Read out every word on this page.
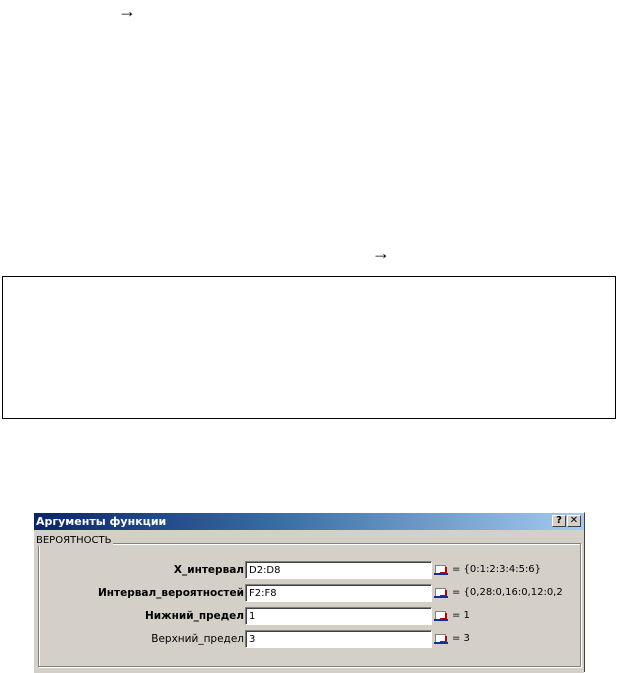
→
→
Аргументы функции	? ✕
ВЕРОЯТНОСТЬ
X_интервал D2:D8	= {0:1:2:3:4:5:6}
Интервал_вероятностей F2:F8	= {0,28:0,16:0,12:0,2
Нижний_предел 1	= 1
Верхний_предел 3	= 3
